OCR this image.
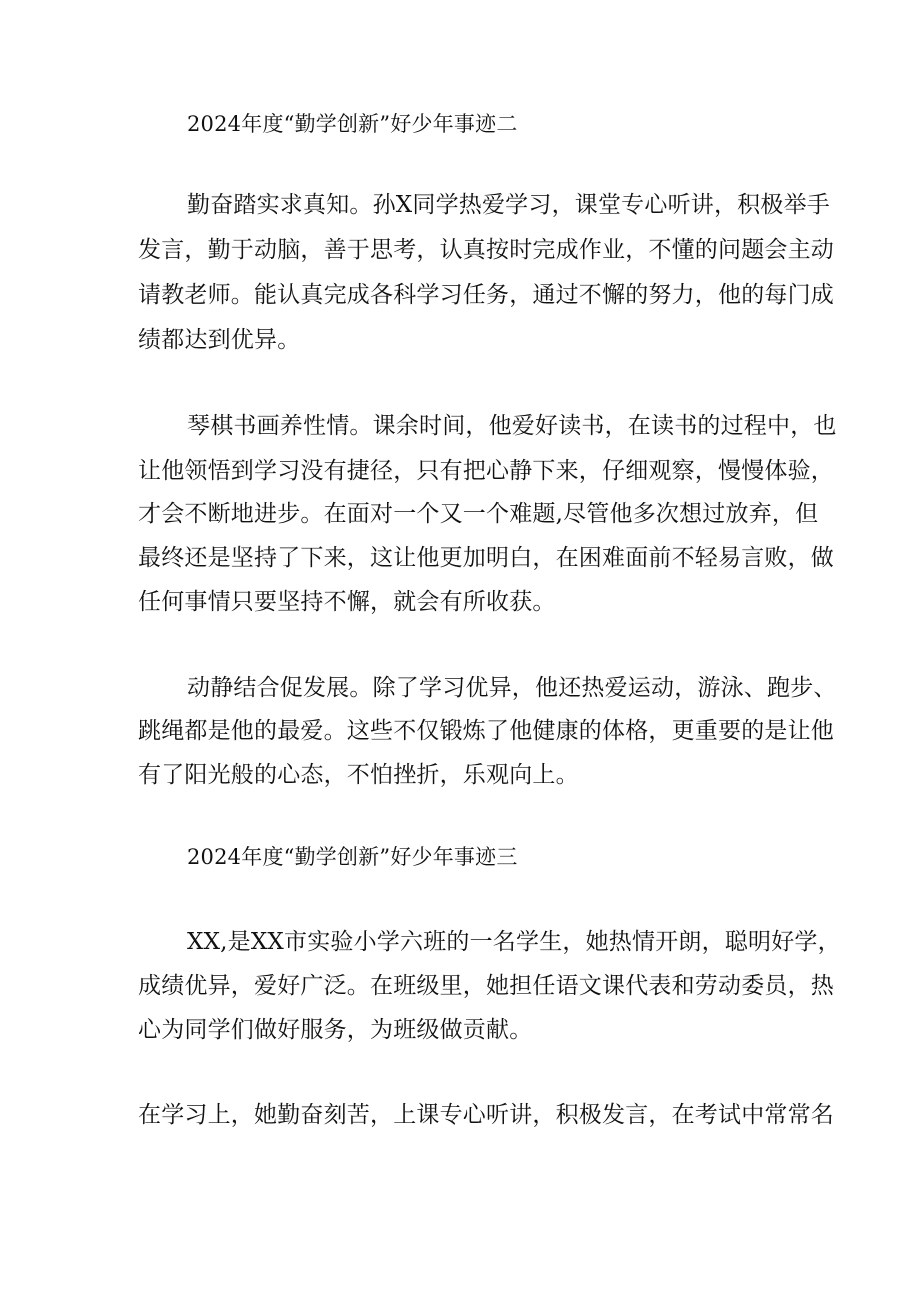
2024年度“勤学创新”好少年事迹二
勤奋踏实求真知。孙X同学热爱学习，课堂专心听讲，积极举手
发言，勤于动脑，善于思考，认真按时完成作业，不懂的问题会主动
请教老师。能认真完成各科学习任务，通过不懈的努力，他的每门成
绩都达到优异。
琴棋书画养性情。课余时间，他爱好读书，在读书的过程中，也
让他领悟到学习没有捷径，只有把心静下来，仔细观察，慢慢体验，
才会不断地进步。在面对一个又一个难题,尽管他多次想过放弃，但
最终还是坚持了下来，这让他更加明白，在困难面前不轻易言败，做
任何事情只要坚持不懈，就会有所收获。
动静结合促发展。除了学习优异，他还热爱运动，游泳、跑步、
跳绳都是他的最爱。这些不仅锻炼了他健康的体格，更重要的是让他
有了阳光般的心态，不怕挫折，乐观向上。
2024年度“勤学创新”好少年事迹三
XX,是XX市实验小学六班的一名学生，她热情开朗，聪明好学，
成绩优异，爱好广泛。在班级里，她担任语文课代表和劳动委员，热
心为同学们做好服务，为班级做贡献。
在学习上，她勤奋刻苦，上课专心听讲，积极发言，在考试中常常名
